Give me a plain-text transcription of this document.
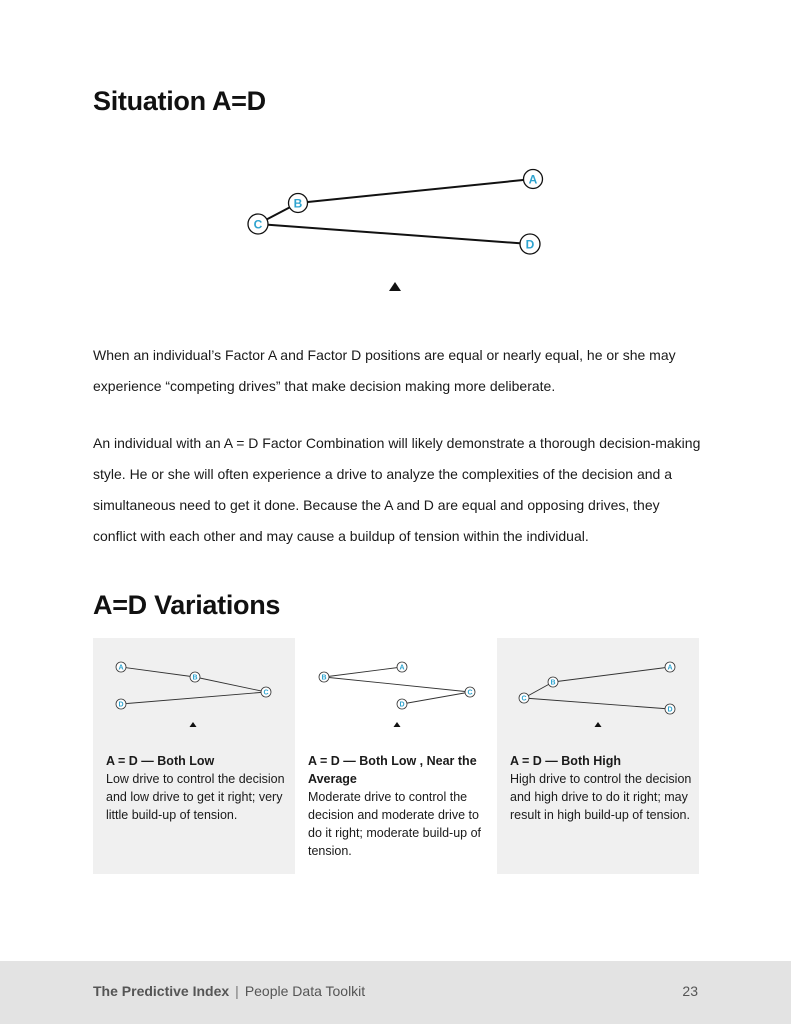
Situation A=D
A
B
C
D

When an individual’s Factor A and Factor D positions are equal or nearly equal, he or she may experience “competing drives” that make decision making more deliberate.

An individual with an A = D Factor Combination will likely demonstrate a thorough decision-making style. He or she will often experience a drive to analyze the complexities of the decision and a simultaneous need to get it done. Because the A and D are equal and opposing drives, they conflict with each other and may cause a buildup of tension within the individual.

A=D Variations
A
B
C
D
A = D — Both Low
Low drive to control the decision and low drive to get it right; very little build-up of tension.
A
B
C
D
A = D — Both Low , Near the Average
Moderate drive to control the decision and moderate drive to do it right; moderate build-up of tension.
A
B
C
D
A = D — Both High
High drive to control the decision and high drive to do it right; may result in high build-up of tension.
The Predictive Index | People Data Toolkit	23
